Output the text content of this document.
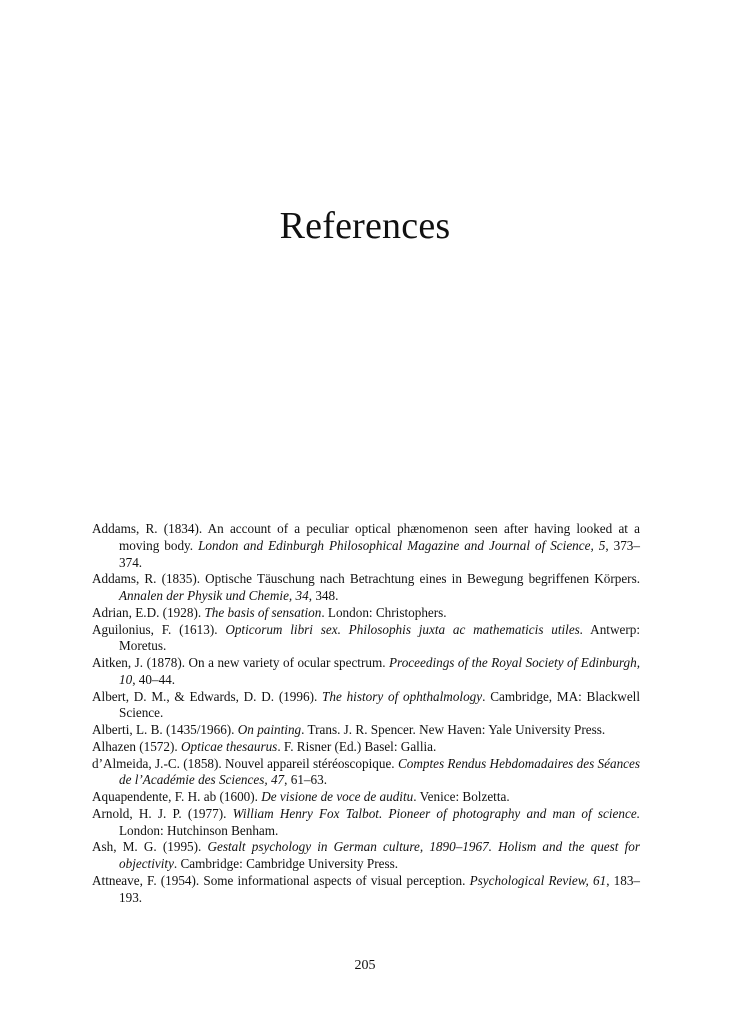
References
Addams, R. (1834). An account of a peculiar optical phænomenon seen after having looked at a moving body. London and Edinburgh Philosophical Magazine and Journal of Science, 5, 373–374.
Addams, R. (1835). Optische Täuschung nach Betrachtung eines in Bewegung begriffenen Körpers. Annalen der Physik und Chemie, 34, 348.
Adrian, E.D. (1928). The basis of sensation. London: Christophers.
Aguilonius, F. (1613). Opticorum libri sex. Philosophis juxta ac mathematicis utiles. Antwerp: Moretus.
Aitken, J. (1878). On a new variety of ocular spectrum. Proceedings of the Royal Society of Edinburgh, 10, 40–44.
Albert, D. M., & Edwards, D. D. (1996). The history of ophthalmology. Cambridge, MA: Blackwell Science.
Alberti, L. B. (1435/1966). On painting. Trans. J. R. Spencer. New Haven: Yale University Press.
Alhazen (1572). Opticae thesaurus. F. Risner (Ed.) Basel: Gallia.
d’Almeida, J.-C. (1858). Nouvel appareil stéréoscopique. Comptes Rendus Hebdomadaires des Séances de l’Académie des Sciences, 47, 61–63.
Aquapendente, F. H. ab (1600). De visione de voce de auditu. Venice: Bolzetta.
Arnold, H. J. P. (1977). William Henry Fox Talbot. Pioneer of photography and man of science. London: Hutchinson Benham.
Ash, M. G. (1995). Gestalt psychology in German culture, 1890–1967. Holism and the quest for objectivity. Cambridge: Cambridge University Press.
Attneave, F. (1954). Some informational aspects of visual perception. Psychological Review, 61, 183–193.
205
